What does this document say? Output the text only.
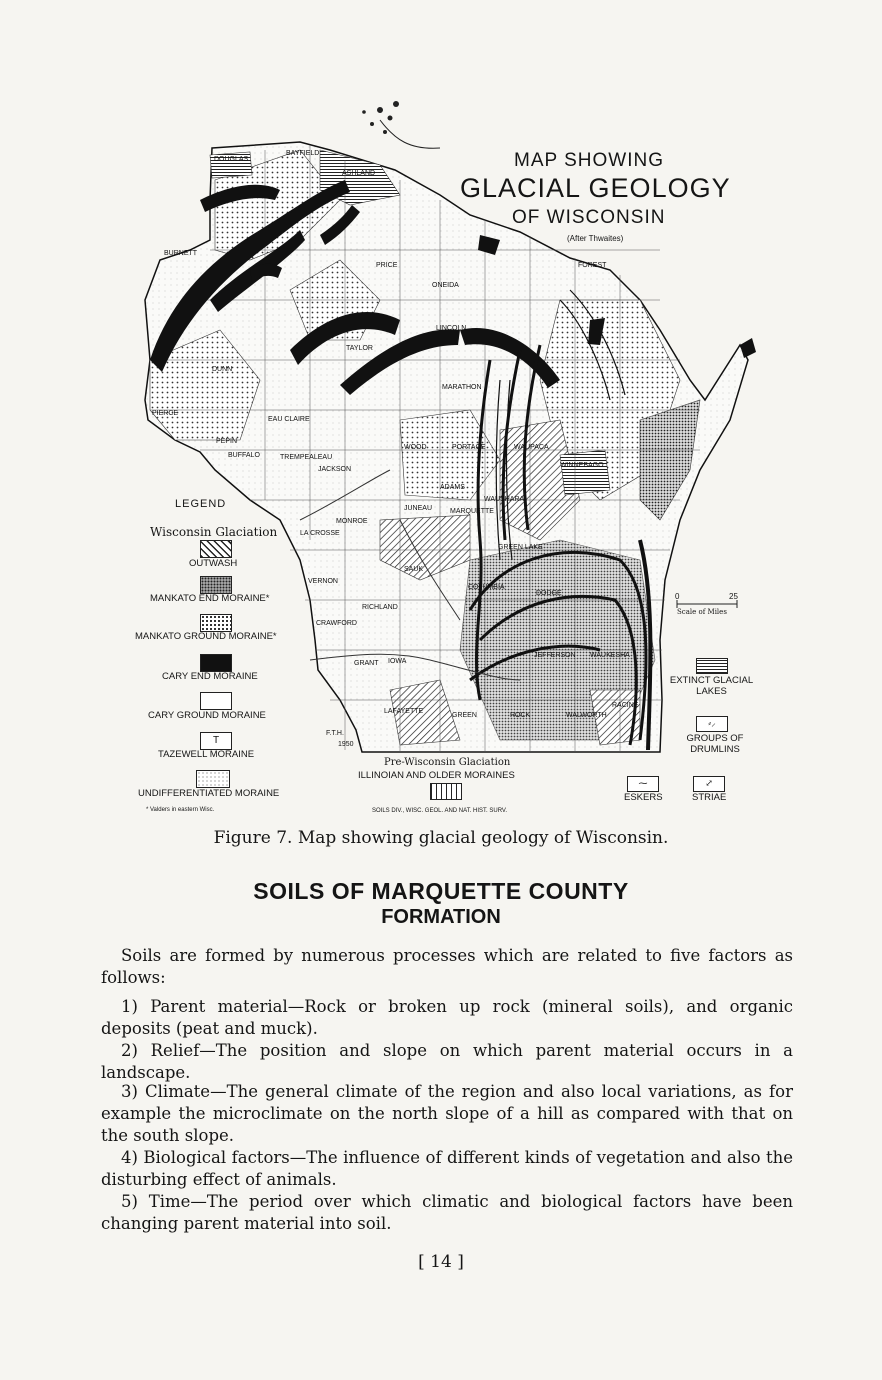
MAP SHOWING
GLACIAL GEOLOGY
OF WISCONSIN
(After Thwaites)
DOUGLAS
BAYFIELD
ASHLAND
BURNETT
PRICE	FOREST
ONEIDA
TAYLOR
LINCOLN
MARATHON
DUNN
PIERCE
EAU CLAIRE
PEPIN
BUFFALO	TREMPEALEAU
JACKSON
WOOD	PORTAGE
JUNEAU
MONROE
LA CROSSE
VERNON
RICHLAND
CRAWFORD
GRANT IOWA
SAUK
COLUMBIA
DODGE
JEFFERSON WAUKESHA
LAFAYETTE
GREEN	ROCK	WALWORTH
RACINE
MARQUETTE
GREEN LAKE
WINNEBAGO
WAUPACA
ADAMS
WAUSHARA
LEGEND
Wisconsin Glaciation
OUTWASH
MANKATO END MORAINE*
MANKATO GROUND MORAINE*
CARY END MORAINE
CARY GROUND MORAINE
T
TAZEWELL MORAINE
UNDIFFERENTIATED MORAINE
* Valders in eastern Wisc.
F.T.H.
1950
Pre-Wisconsin Glaciation
ILLINOIAN AND OLDER MORAINES
SOILS DIV., WISC. GEOL. AND NAT. HIST. SURV.
EXTINCT GLACIAL LAKES
⸗⸝
GROUPS OF DRUMLINS
⁓
ESKERS
⤢
STRIAE
0	25
Scale of Miles
Figure 7. Map showing glacial geology of Wisconsin.
SOILS OF MARQUETTE COUNTY
FORMATION

Soils are formed by numerous processes which are related to five factors as follows:

1) Parent material—Rock or broken up rock (mineral soils), and organic deposits (peat and muck).

2) Relief—The position and slope on which parent material occurs in a landscape.

3) Climate—The general climate of the region and also local variations, as for example the microclimate on the north slope of a hill as compared with that on the south slope.

4) Biological factors—The influence of different kinds of vegetation and also the disturbing effect of animals.

5) Time—The period over which climatic and biological factors have been changing parent material into soil.

[ 14 ]
